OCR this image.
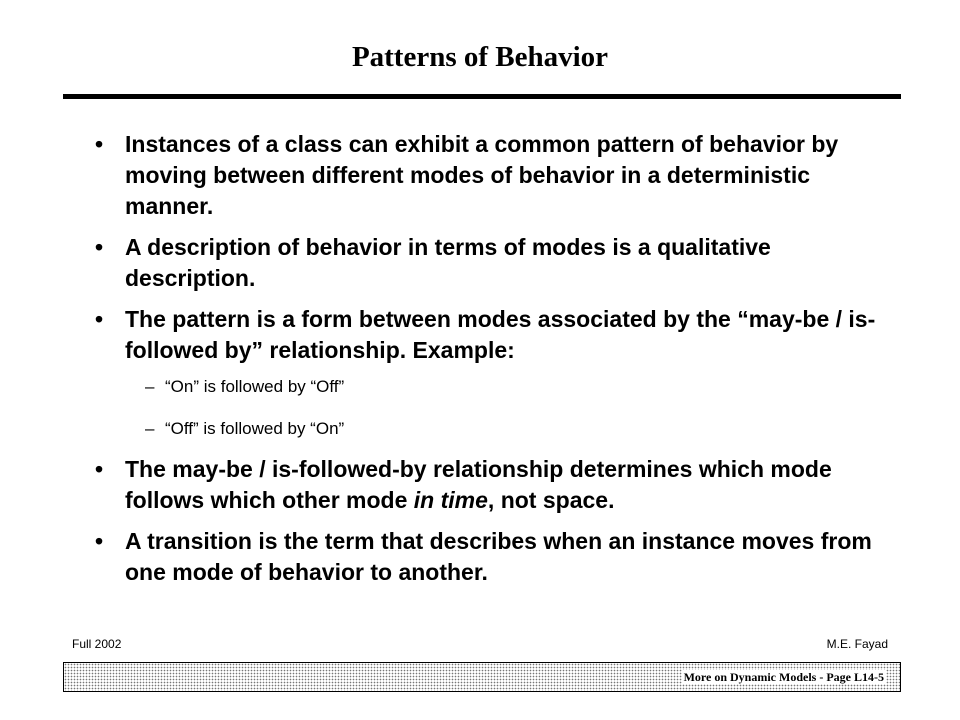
Patterns of Behavior
• Instances of a class can exhibit a common pattern of behavior by moving between different modes of behavior in a deterministic manner.
• A description of behavior in terms of modes is a qualitative description.
• The pattern is a form between modes associated by the “may-be / is-followed by” relationship. Example:
– “On” is followed by “Off”
– “Off” is followed by “On”
• The may-be / is-followed-by relationship determines which mode follows which other mode in time, not space.
• A transition is the term that describes when an instance moves from one mode of behavior to another.
Full 2002	M.E. Fayad
More on Dynamic Models - Page L14-5
